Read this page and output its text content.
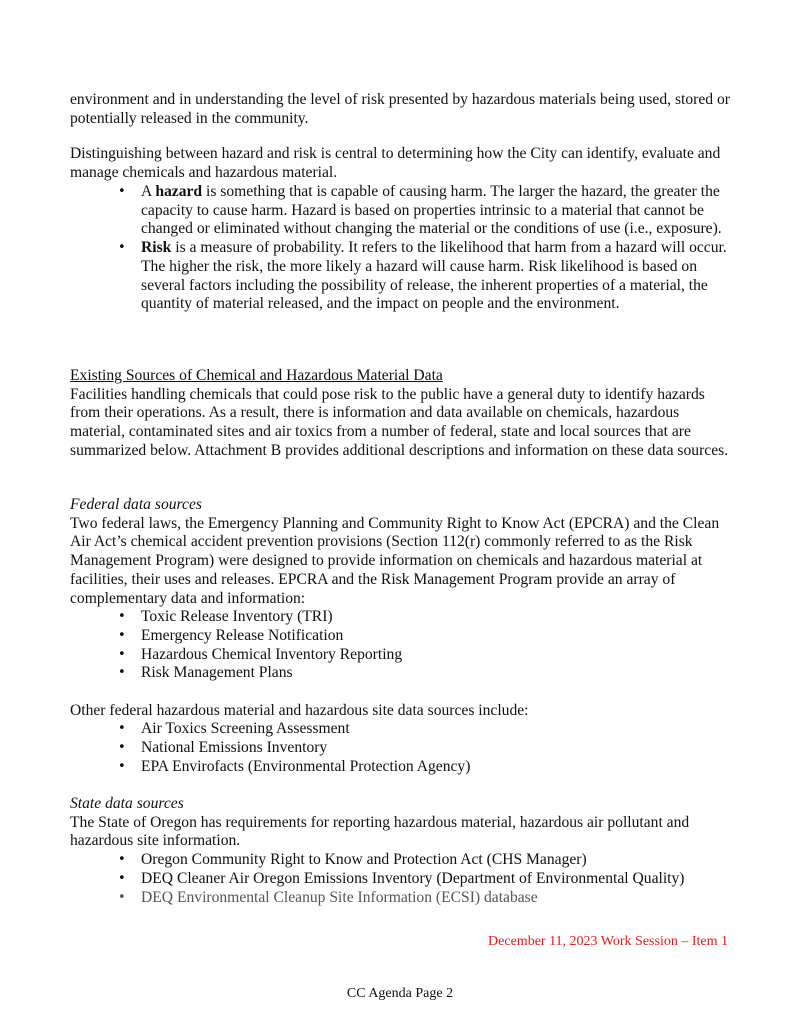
environment and in understanding the level of risk presented by hazardous materials being used, stored or potentially released in the community.
Distinguishing between hazard and risk is central to determining how the City can identify, evaluate and manage chemicals and hazardous material.
• A hazard is something that is capable of causing harm. The larger the hazard, the greater the capacity to cause harm. Hazard is based on properties intrinsic to a material that cannot be changed or eliminated without changing the material or the conditions of use (i.e., exposure).
• Risk is a measure of probability. It refers to the likelihood that harm from a hazard will occur. The higher the risk, the more likely a hazard will cause harm. Risk likelihood is based on several factors including the possibility of release, the inherent properties of a material, the quantity of material released, and the impact on people and the environment.
Existing Sources of Chemical and Hazardous Material Data
Facilities handling chemicals that could pose risk to the public have a general duty to identify hazards from their operations. As a result, there is information and data available on chemicals, hazardous material, contaminated sites and air toxics from a number of federal, state and local sources that are summarized below. Attachment B provides additional descriptions and information on these data sources.
Federal data sources
Two federal laws, the Emergency Planning and Community Right to Know Act (EPCRA) and the Clean Air Act’s chemical accident prevention provisions (Section 112(r) commonly referred to as the Risk Management Program) were designed to provide information on chemicals and hazardous material at facilities, their uses and releases. EPCRA and the Risk Management Program provide an array of complementary data and information:
• Toxic Release Inventory (TRI)
• Emergency Release Notification
• Hazardous Chemical Inventory Reporting
• Risk Management Plans
Other federal hazardous material and hazardous site data sources include:
• Air Toxics Screening Assessment
• National Emissions Inventory
• EPA Envirofacts (Environmental Protection Agency)
State data sources
The State of Oregon has requirements for reporting hazardous material, hazardous air pollutant and hazardous site information.
• Oregon Community Right to Know and Protection Act (CHS Manager)
• DEQ Cleaner Air Oregon Emissions Inventory (Department of Environmental Quality)
• DEQ Environmental Cleanup Site Information (ECSI) database
December 11, 2023 Work Session – Item 1
CC Agenda Page 2
